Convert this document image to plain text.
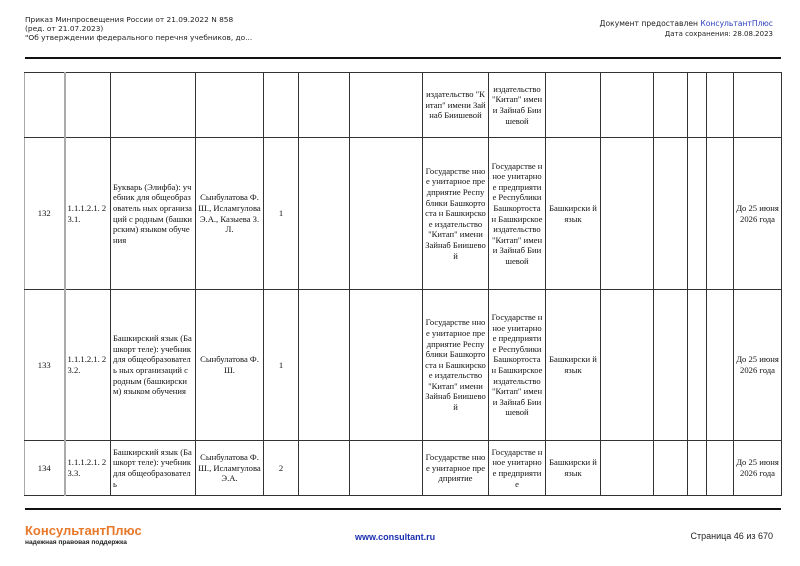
Приказ Минпросвещения России от 21.09.2022 N 858
(ред. от 21.07.2023)
"Об утверждении федерального перечня учебников, до...
Документ предоставлен КонсультантПлюс
Дата сохранения: 28.08.2023
							издательство "Китап" имени Зайнаб Биишевой	издательство "Китап" имени Зайнаб Биишевой						
132	1.1.1.2.1. 23.1.	Букварь (Элифба): учебник для общеобразователь ных организаций с родным (башкирским) языком обучения	Сынбулатова Ф.Ш., Исламгулова Э.А., Казыева З.Л.	1			Государстве нное унитарное предприятие Республики Башкортоста н Башкирское издательство "Китап" имени Зайнаб Биишевой	Государстве нное унитарное предприятие Республики Башкортоста н Башкирское издательство "Китап" имени Зайнаб Биишевой	Башкирски й язык					До 25 июня 2026 года
133	1.1.1.2.1. 23.2.	Башкирский язык (Башкорт теле): учебник для общеобразователь ных организаций с родным (башкирским) языком обучения	Сынбулатова Ф.Ш.	1			Государстве нное унитарное предприятие Республики Башкортоста н Башкирское издательство "Китап" имени Зайнаб Биишевой	Государстве нное унитарное предприятие Республики Башкортоста н Башкирское издательство "Китап" имени Зайнаб Биишевой	Башкирски й язык					До 25 июня 2026 года
134	1.1.1.2.1. 23.3.	Башкирский язык (Башкорт теле): учебник для общеобразователь	Сынбулатова Ф.Ш., Исламгулова Э.А.	2			Государстве нное унитарное предприятие	Государстве нное унитарное предприятие	Башкирски й язык					До 25 июня 2026 года
КонсультантПлюс
надежная правовая поддержка
www.consultant.ru	Страница 46 из 670
